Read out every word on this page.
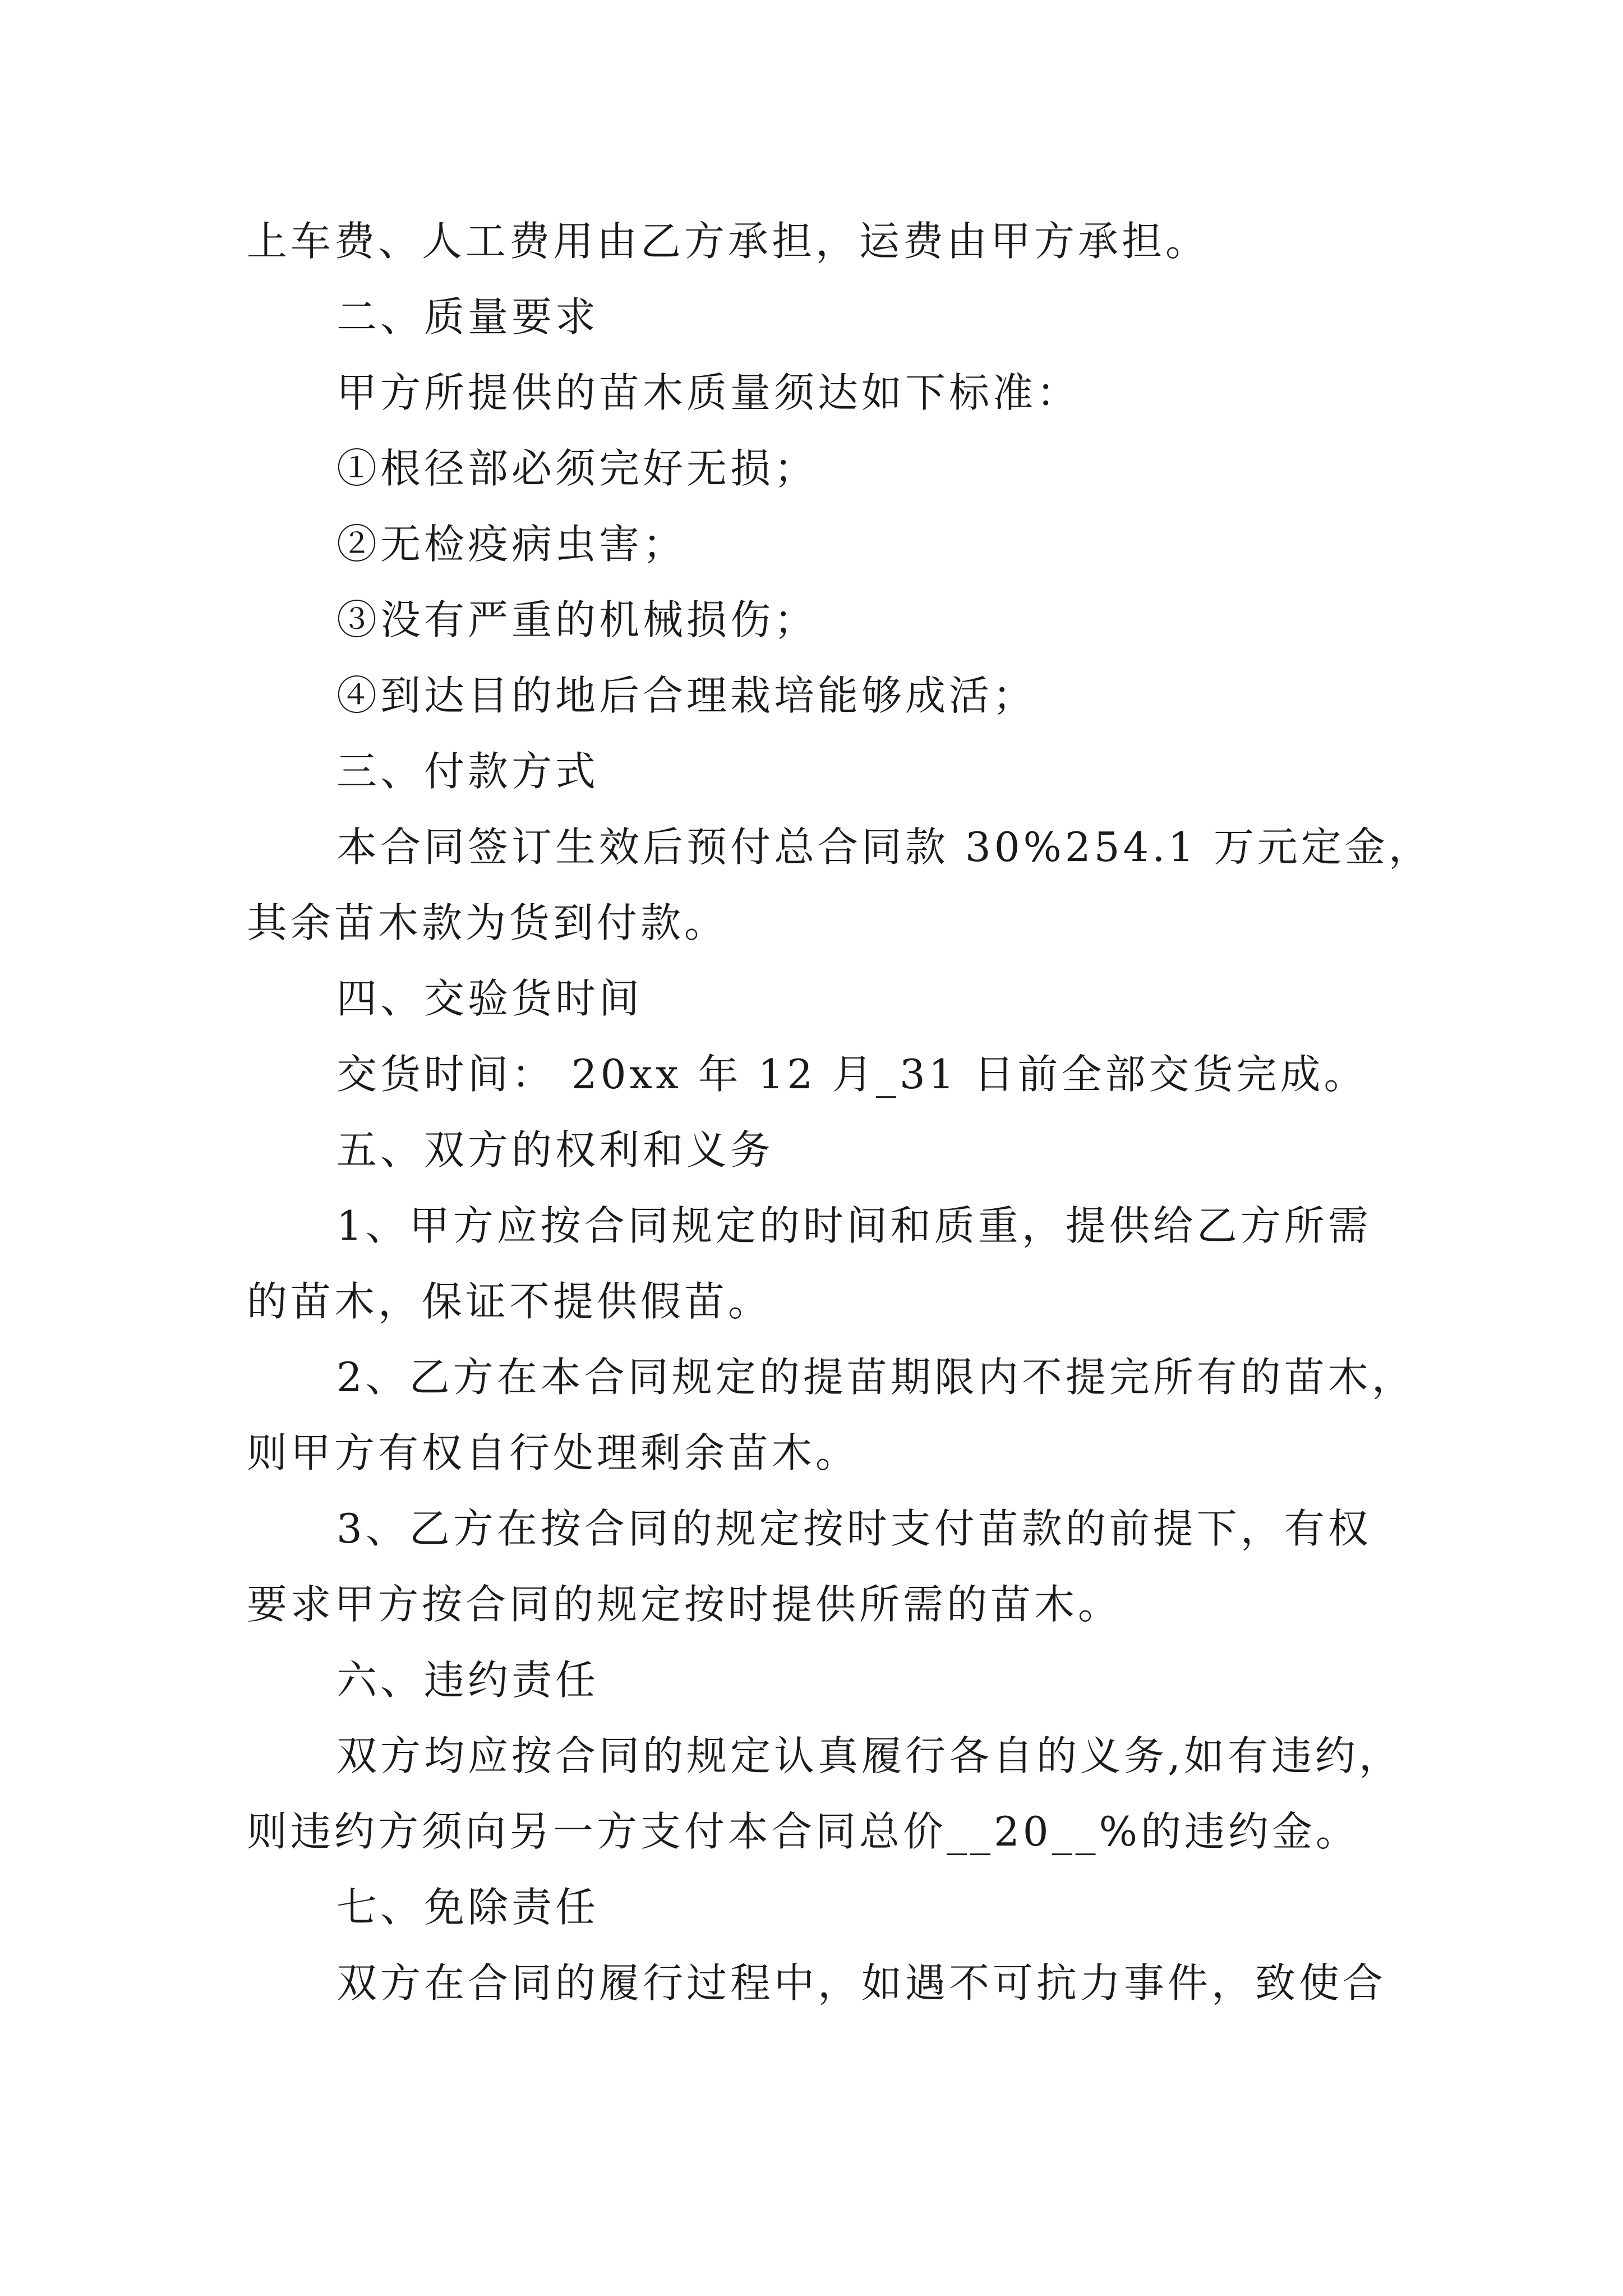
上车费、人工费用由乙方承担，运费由甲方承担。
二、质量要求
甲方所提供的苗木质量须达如下标准：
①根径部必须完好无损；
②无检疫病虫害；
③没有严重的机械损伤；
④到达目的地后合理栽培能够成活；
三、付款方式
本合同签订生效后预付总合同款 30%254.1 万元定金，
其余苗木款为货到付款。
四、交验货时间
交货时间： 20xx 年 12 月_31 日前全部交货完成。
五、双方的权利和义务
1、甲方应按合同规定的时间和质重，提供给乙方所需
的苗木，保证不提供假苗。
2、乙方在本合同规定的提苗期限内不提完所有的苗木，
则甲方有权自行处理剩余苗木。
3、乙方在按合同的规定按时支付苗款的前提下，有权
要求甲方按合同的规定按时提供所需的苗木。
六、违约责任
双方均应按合同的规定认真履行各自的义务,如有违约，
则违约方须向另一方支付本合同总价__20__%的违约金。
七、免除责任
双方在合同的履行过程中，如遇不可抗力事件，致使合
